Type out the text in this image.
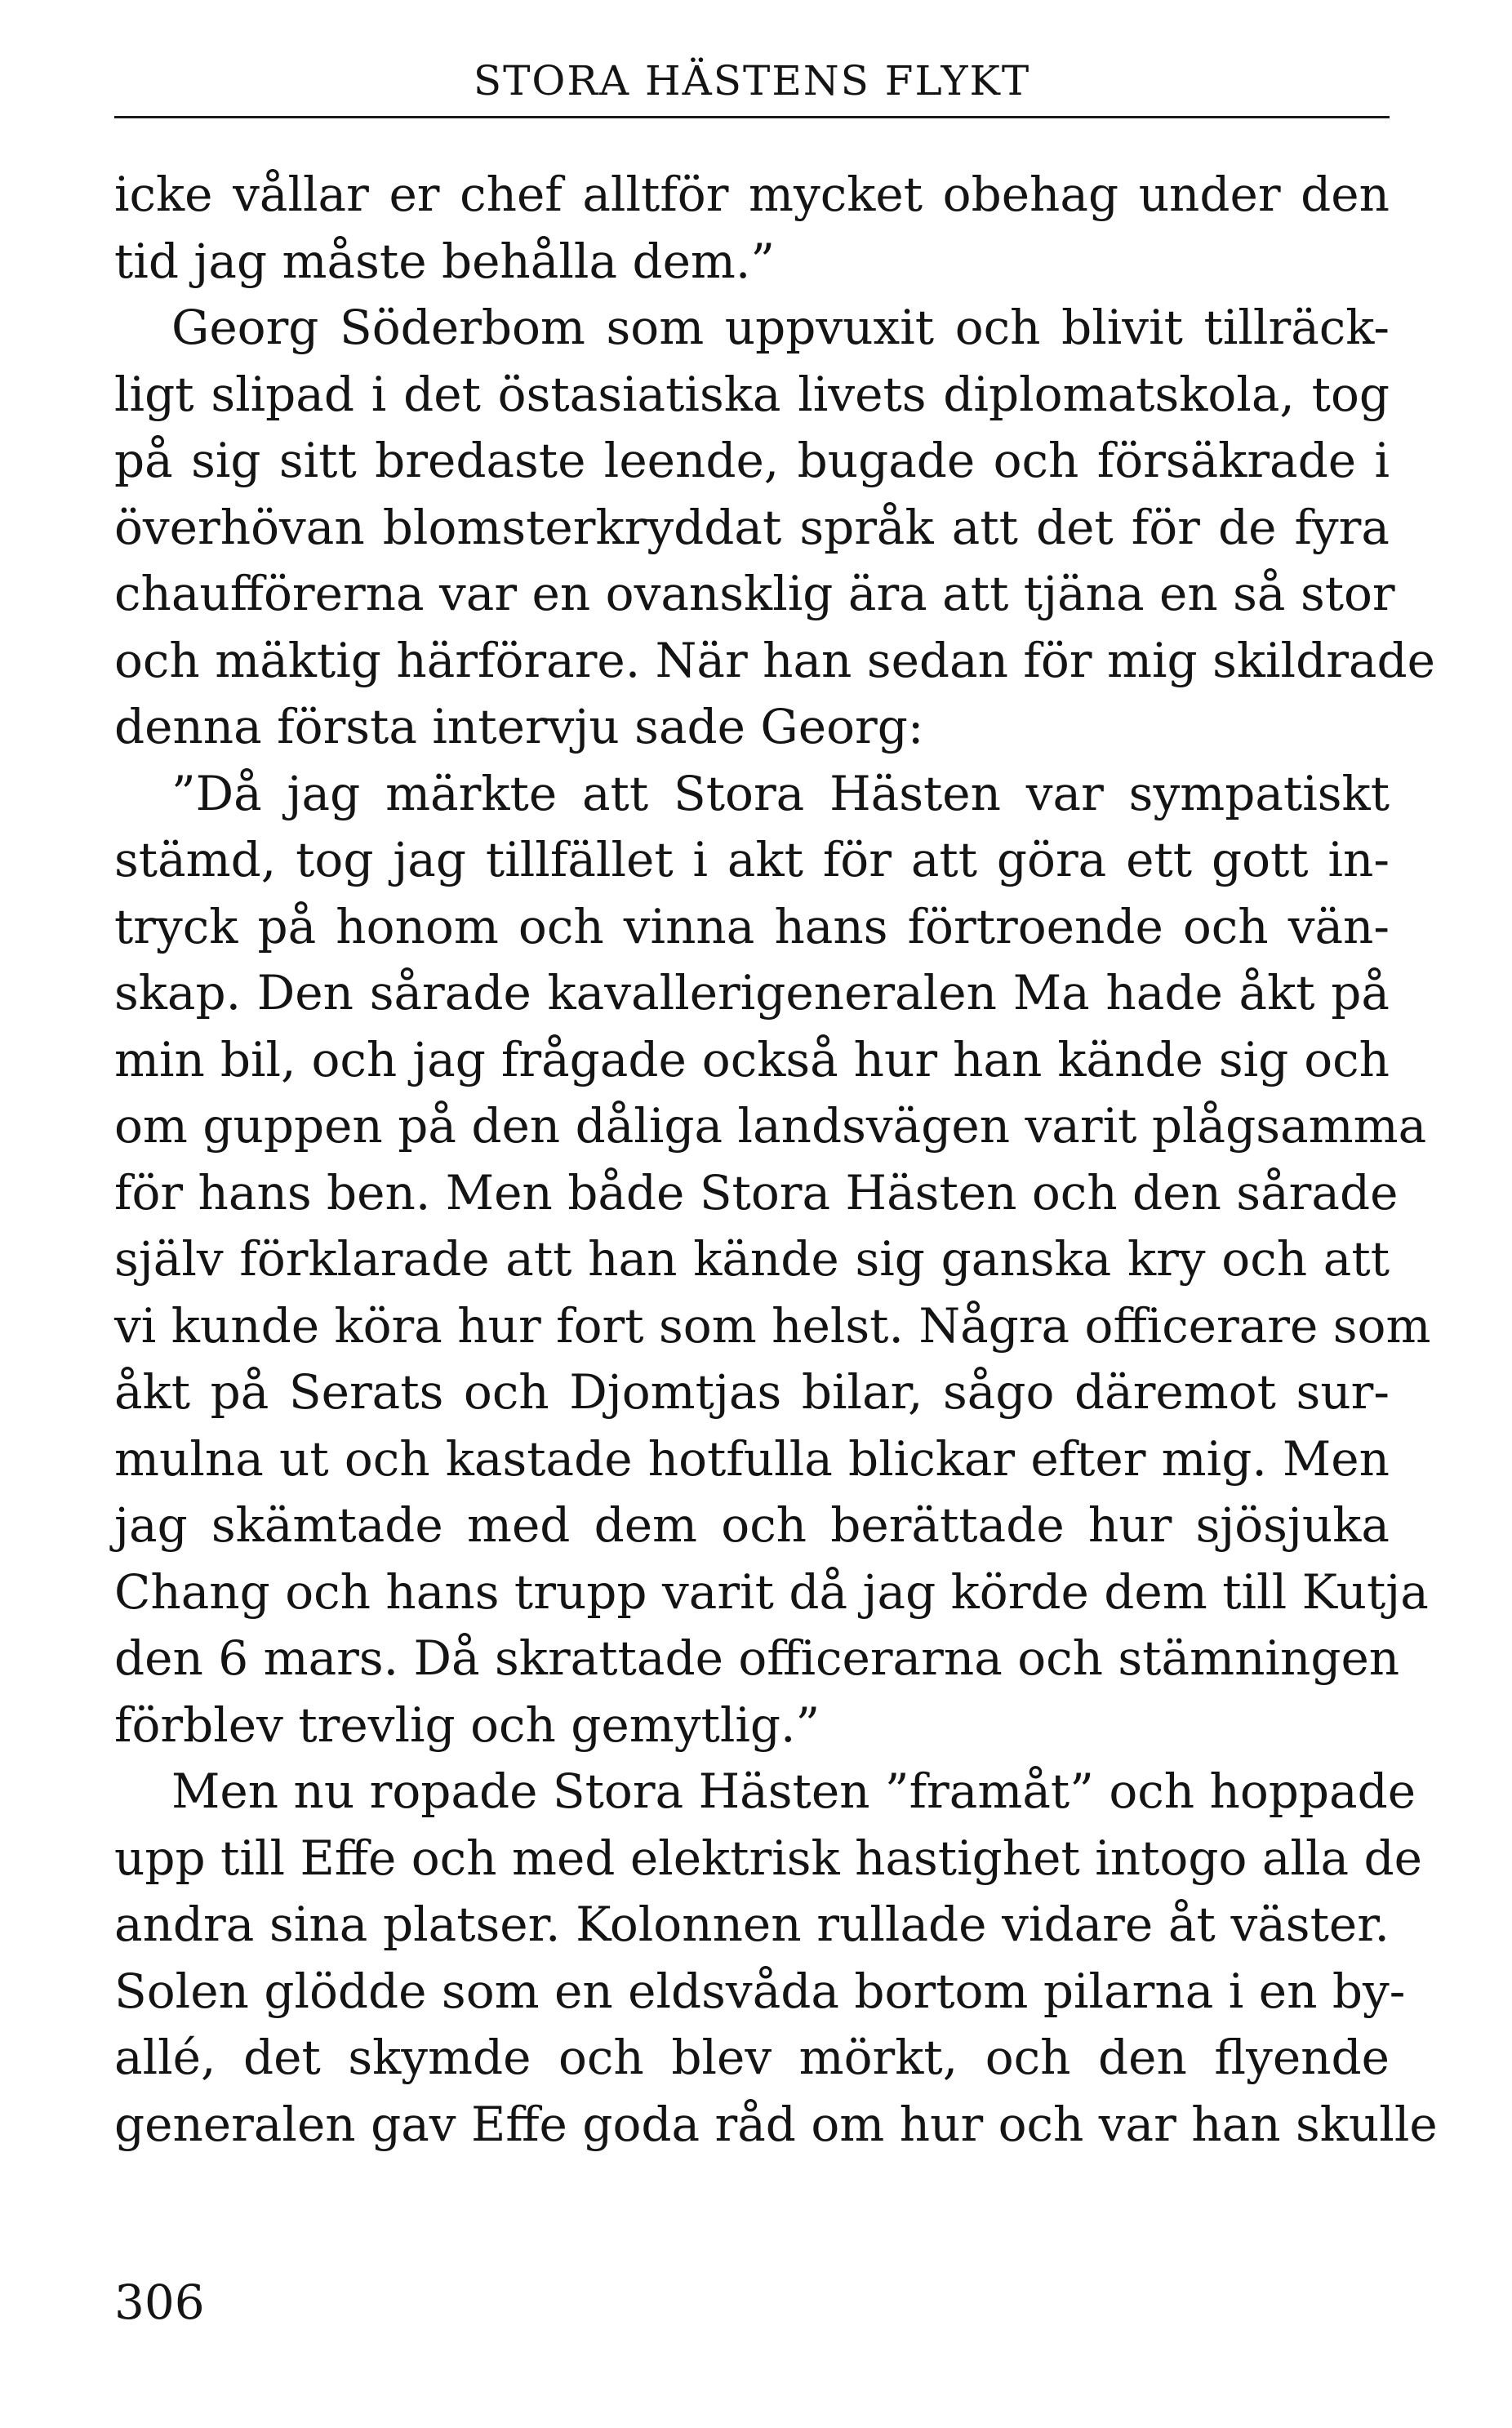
STORA HÄSTENS FLYKT
icke vållar er chef alltför mycket obehag under den
tid jag måste behålla dem.”
Georg Söderbom som uppvuxit och blivit tillräck-
ligt slipad i det östasiatiska livets diplomatskola, tog
på sig sitt bredaste leende, bugade och försäkrade i
överhövan blomsterkryddat språk att det för de fyra
chaufförerna var en ovansklig ära att tjäna en så stor
och mäktig härförare. När han sedan för mig skildrade
denna första intervju sade Georg:
”Då jag märkte att Stora Hästen var sympatiskt
stämd, tog jag tillfället i akt för att göra ett gott in-
tryck på honom och vinna hans förtroende och vän-
skap. Den sårade kavallerigeneralen Ma hade åkt på
min bil, och jag frågade också hur han kände sig och
om guppen på den dåliga landsvägen varit plågsamma
för hans ben. Men både Stora Hästen och den sårade
själv förklarade att han kände sig ganska kry och att
vi kunde köra hur fort som helst. Några officerare som
åkt på Serats och Djomtjas bilar, sågo däremot sur-
mulna ut och kastade hotfulla blickar efter mig. Men
jag skämtade med dem och berättade hur sjösjuka
Chang och hans trupp varit då jag körde dem till Kutja
den 6 mars. Då skrattade officerarna och stämningen
förblev trevlig och gemytlig.”
Men nu ropade Stora Hästen ”framåt” och hoppade
upp till Effe och med elektrisk hastighet intogo alla de
andra sina platser. Kolonnen rullade vidare åt väster.
Solen glödde som en eldsvåda bortom pilarna i en by-
allé, det skymde och blev mörkt, och den flyende
generalen gav Effe goda råd om hur och var han skulle
306
